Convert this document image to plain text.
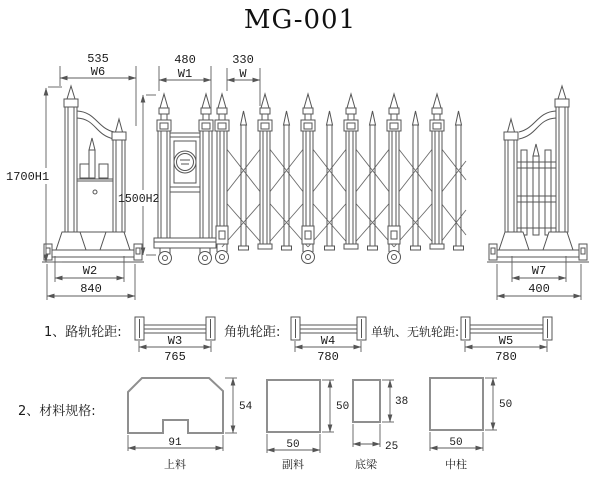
MG-001
535
W6
1700H1
W2
840
480
W1
330
W
1500H2
W7
400
1、路轨轮距:
W3
765
角轨轮距:
W4
780
单轨、无轨轮距:
W5
780
2、材料规格:	54
91
上料
50
50
副料
38
25
底梁
50
50
中柱
